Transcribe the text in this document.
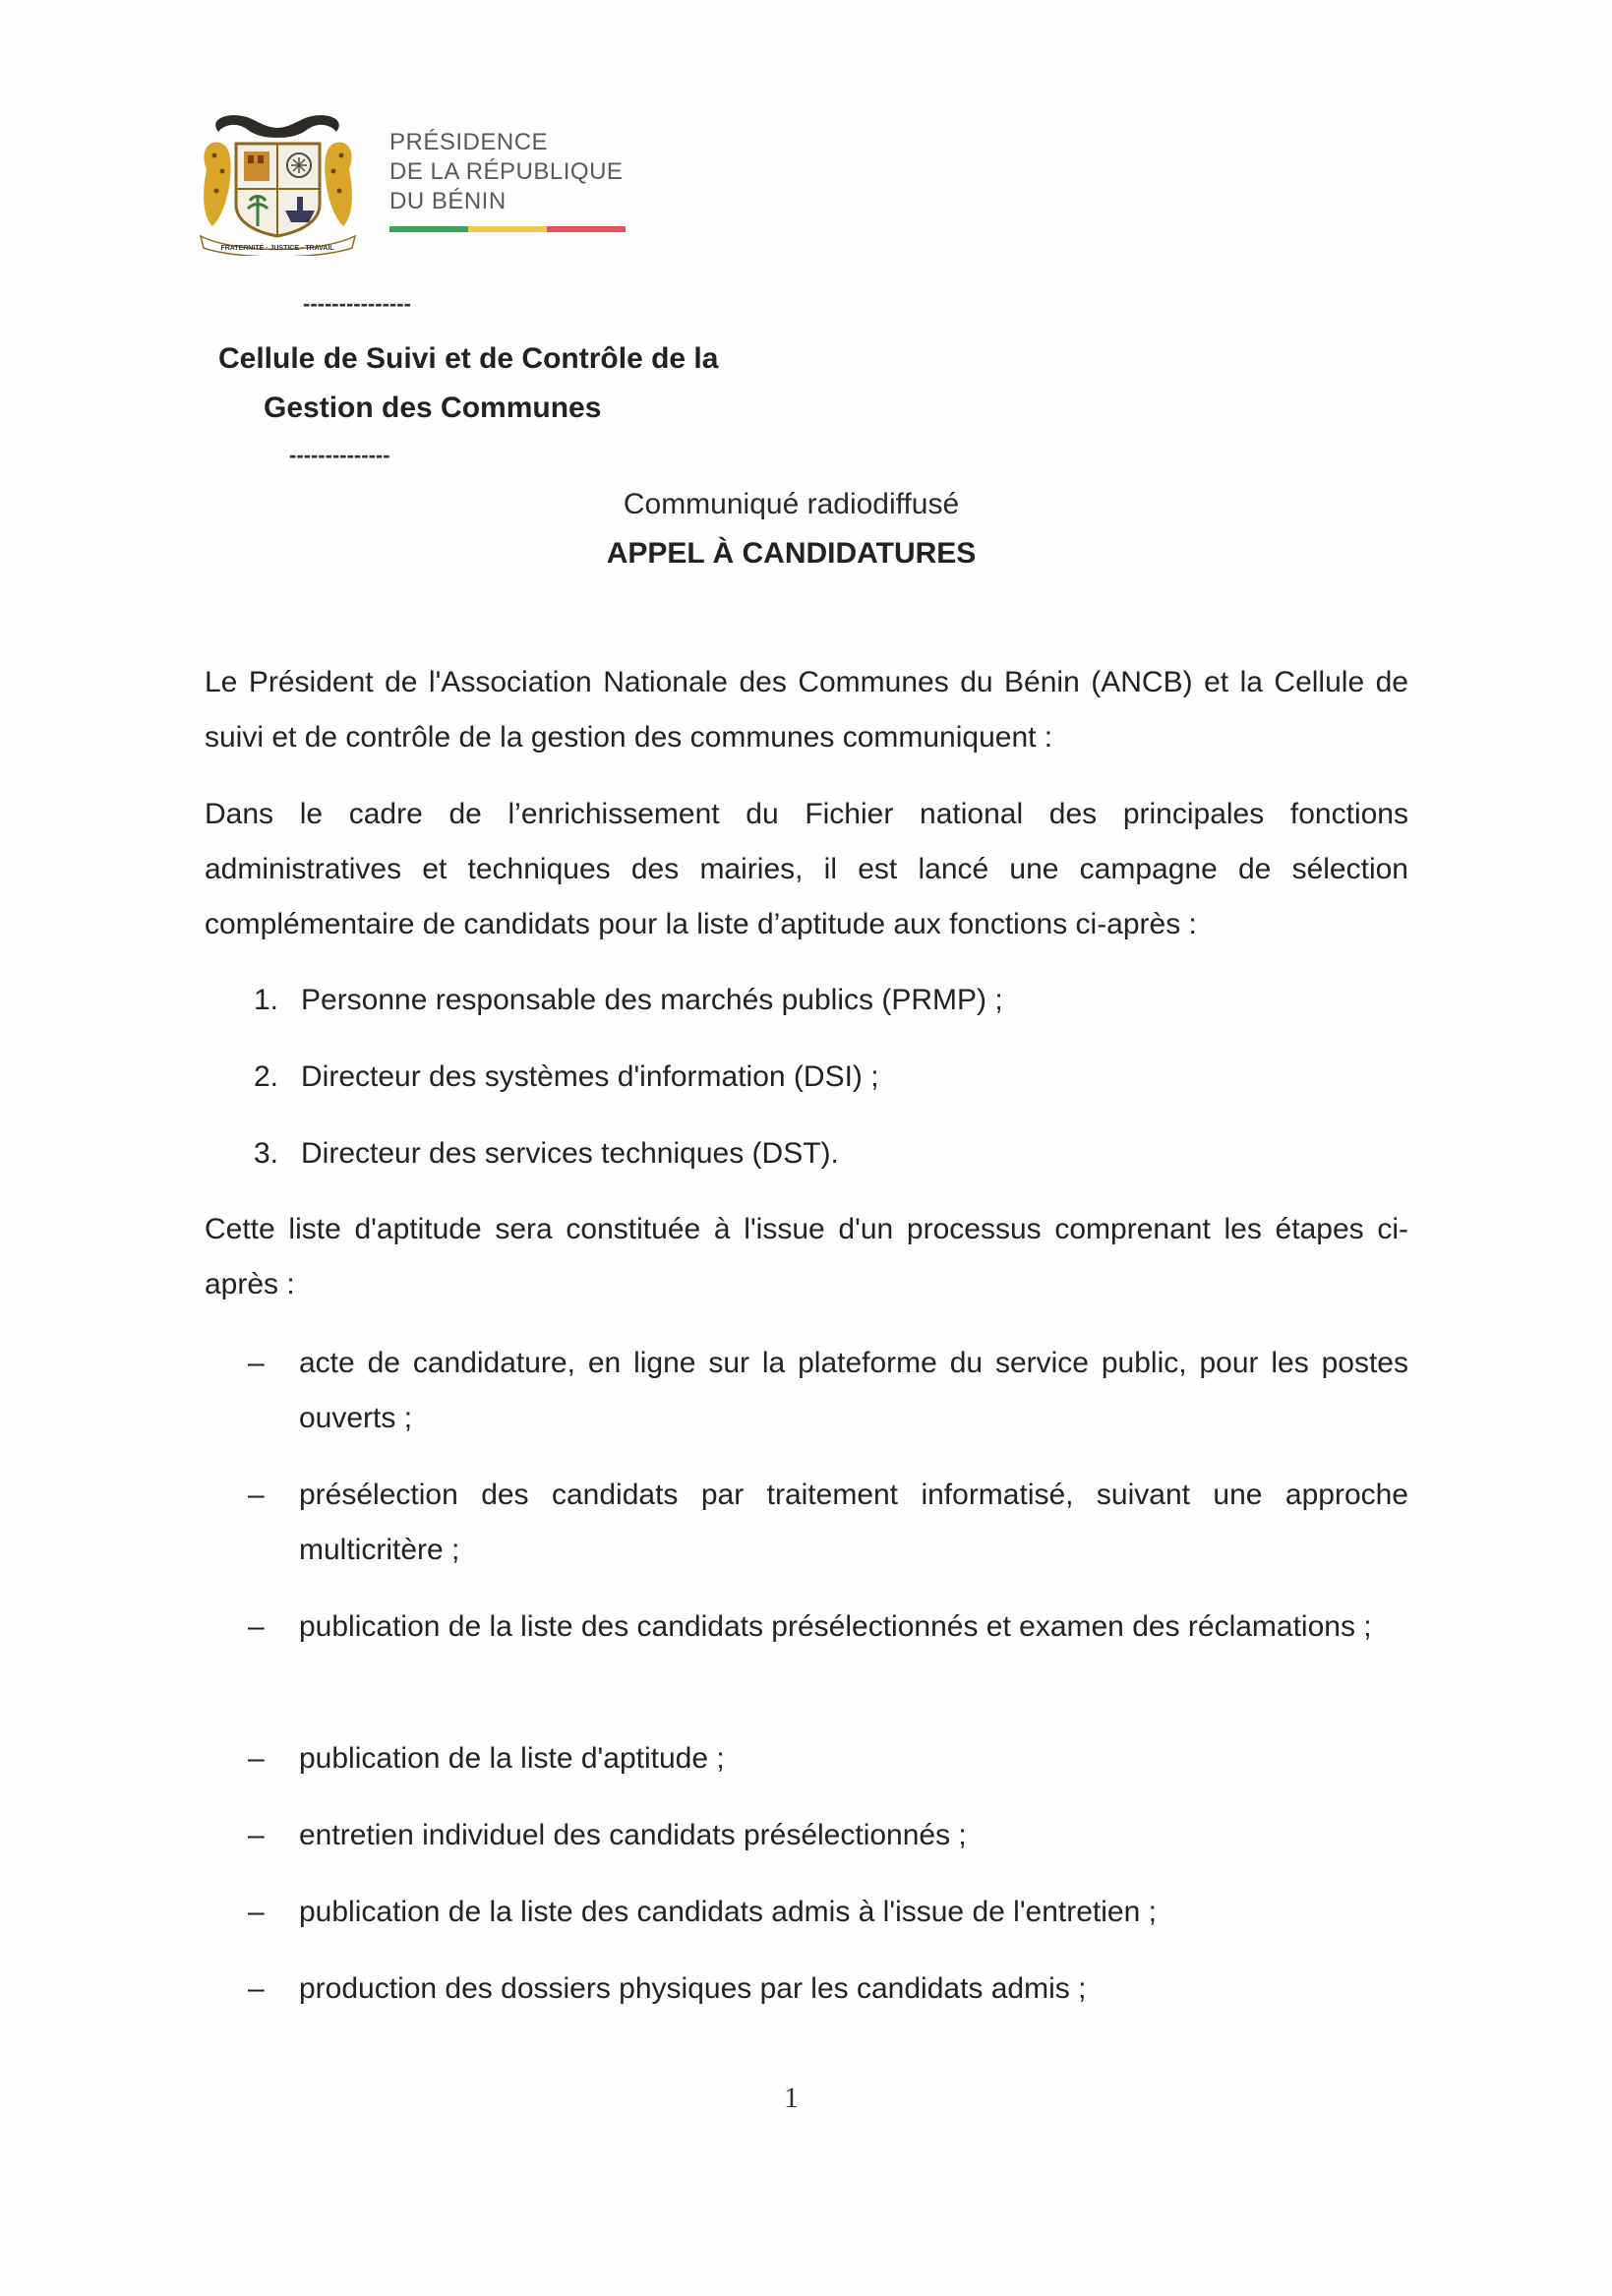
FRATERNITÉ · JUSTICE · TRAVAIL
PRÉSIDENCE
DE LA RÉPUBLIQUE
DU BÉNIN
---------------
Cellule de Suivi et de Contrôle de la
Gestion des Communes
--------------
Communiqué radiodiffusé
APPEL À CANDIDATURES
Le Président de l'Association Nationale des Communes du Bénin (ANCB) et la Cellule de suivi et de contrôle de la gestion des communes communiquent :
Dans le cadre de l’enrichissement du Fichier national des principales fonctions administratives et techniques des mairies, il est lancé une campagne de sélection complémentaire de candidats pour la liste d’aptitude aux fonctions ci-après :
1. Personne responsable des marchés publics (PRMP) ;
2. Directeur des systèmes d'information (DSI) ;
3. Directeur des services techniques (DST).
Cette liste d'aptitude sera constituée à l'issue d'un processus comprenant les étapes ci-après :
– acte de candidature, en ligne sur la plateforme du service public, pour les postes ouverts ;
– présélection des candidats par traitement informatisé, suivant une approche multicritère ;
– publication de la liste des candidats présélectionnés et examen des réclamations ;
– publication de la liste d'aptitude ;
– entretien individuel des candidats présélectionnés ;
– publication de la liste des candidats admis à l'issue de l'entretien ;
– production des dossiers physiques par les candidats admis ;
1
